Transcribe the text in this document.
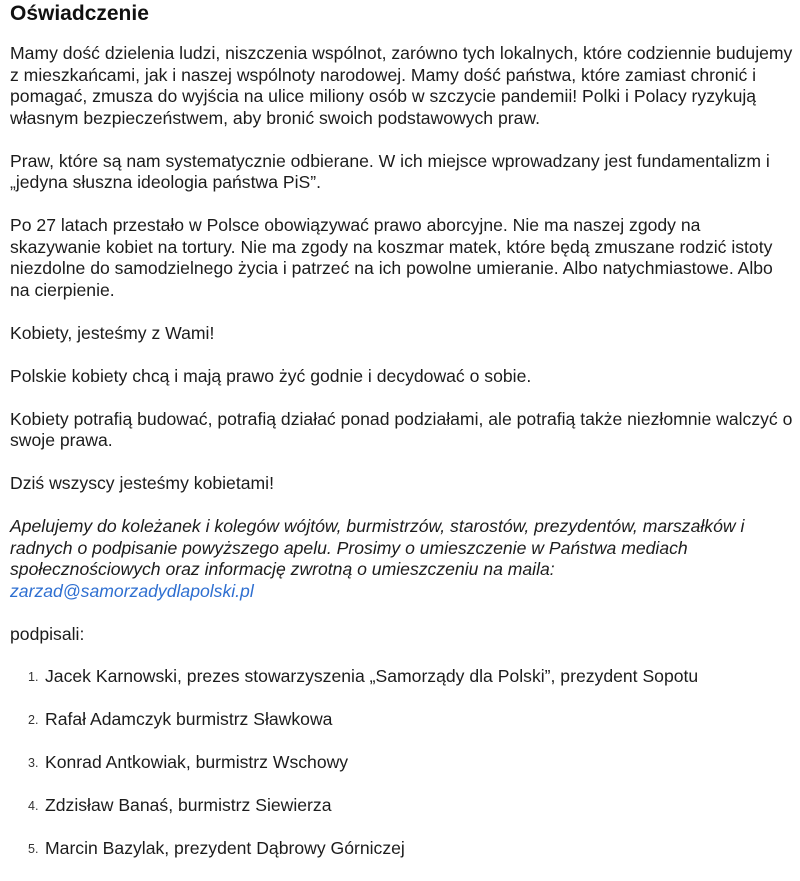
Oświadczenie

Mamy dość dzielenia ludzi, niszczenia wspólnot, zarówno tych lokalnych, które codziennie budujemy z mieszkańcami, jak i naszej wspólnoty narodowej. Mamy dość państwa, które zamiast chronić i pomagać, zmusza do wyjścia na ulice miliony osób w szczycie pandemii! Polki i Polacy ryzykują własnym bezpieczeństwem, aby bronić swoich podstawowych praw.

Praw, które są nam systematycznie odbierane. W ich miejsce wprowadzany jest fundamentalizm i „jedyna słuszna ideologia państwa PiS”.

Po 27 latach przestało w Polsce obowiązywać prawo aborcyjne. Nie ma naszej zgody na skazywanie kobiet na tortury. Nie ma zgody na koszmar matek, które będą zmuszane rodzić istoty niezdolne do samodzielnego życia i patrzeć na ich powolne umieranie. Albo natychmiastowe. Albo na cierpienie.

Kobiety, jesteśmy z Wami!

Polskie kobiety chcą i mają prawo żyć godnie i decydować o sobie.

Kobiety potrafią budować, potrafią działać ponad podziałami, ale potrafią także niezłomnie walczyć o swoje prawa.

Dziś wszyscy jesteśmy kobietami!

Apelujemy do koleżanek i kolegów wójtów, burmistrzów, starostów, prezydentów, marszałków i radnych o podpisanie powyższego apelu. Prosimy o umieszczenie w Państwa mediach społecznościowych oraz informację zwrotną o umieszczeniu na maila: zarzad@samorzadydlapolski.pl

podpisali:

1. Jacek Karnowski, prezes stowarzyszenia „Samorządy dla Polski”, prezydent Sopotu
2. Rafał Adamczyk burmistrz Sławkowa
3. Konrad Antkowiak, burmistrz Wschowy
4. Zdzisław Banaś, burmistrz Siewierza
5. Marcin Bazylak, prezydent Dąbrowy Górniczej
